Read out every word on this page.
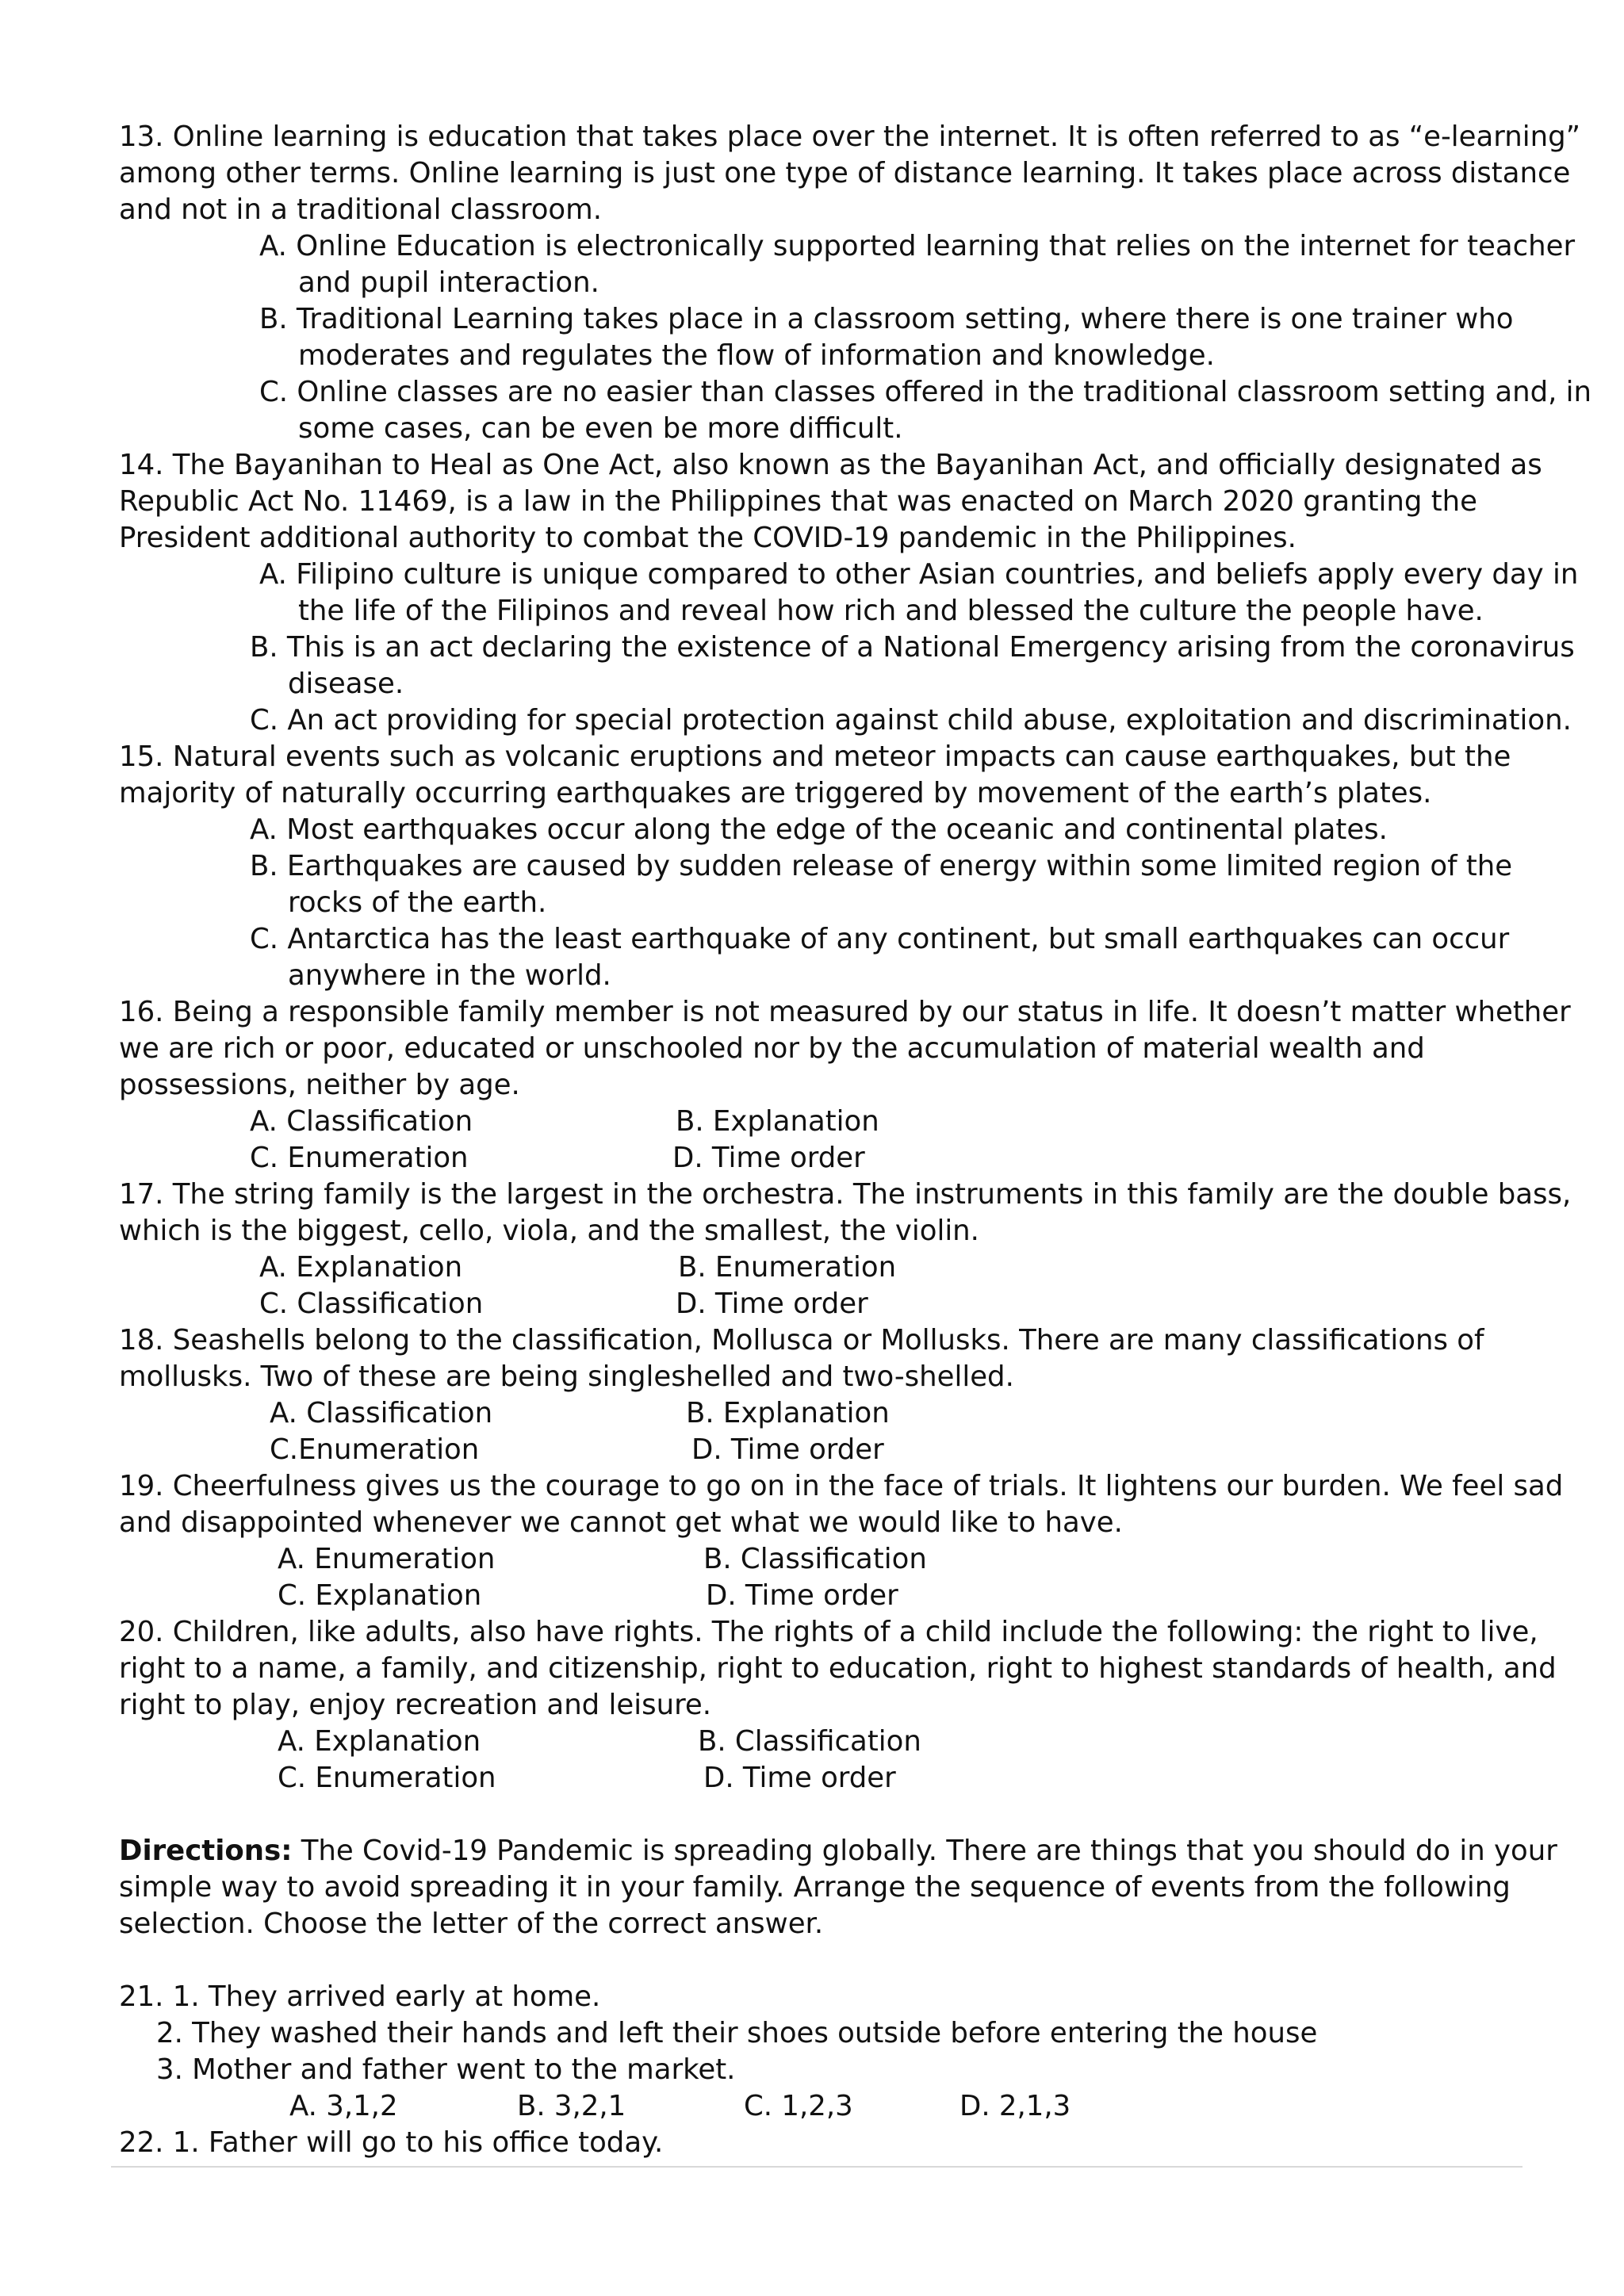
13. Online learning is education that takes place over the internet. It is often referred to as “e-learning”
among other terms. Online learning is just one type of distance learning. It takes place across distance
and not in a traditional classroom.
A. Online Education is electronically supported learning that relies on the internet for teacher
and pupil interaction.
B. Traditional Learning takes place in a classroom setting, where there is one trainer who
moderates and regulates the flow of information and knowledge.
C. Online classes are no easier than classes offered in the traditional classroom setting and, in
some cases, can be even be more difficult.
14. The Bayanihan to Heal as One Act, also known as the Bayanihan Act, and officially designated as
Republic Act No. 11469, is a law in the Philippines that was enacted on March 2020 granting the
President additional authority to combat the COVID-19 pandemic in the Philippines.
A. Filipino culture is unique compared to other Asian countries, and beliefs apply every day in
the life of the Filipinos and reveal how rich and blessed the culture the people have.
B. This is an act declaring the existence of a National Emergency arising from the coronavirus
disease.
C. An act providing for special protection against child abuse, exploitation and discrimination.
15. Natural events such as volcanic eruptions and meteor impacts can cause earthquakes, but the
majority of naturally occurring earthquakes are triggered by movement of the earth’s plates.
A. Most earthquakes occur along the edge of the oceanic and continental plates.
B. Earthquakes are caused by sudden release of energy within some limited region of the
rocks of the earth.
C. Antarctica has the least earthquake of any continent, but small earthquakes can occur
anywhere in the world.
16. Being a responsible family member is not measured by our status in life. It doesn’t matter whether
we are rich or poor, educated or unschooled nor by the accumulation of material wealth and
possessions, neither by age.
A. Classification	B. Explanation
C. Enumeration	D. Time order
17. The string family is the largest in the orchestra. The instruments in this family are the double bass,
which is the biggest, cello, viola, and the smallest, the violin.
A. Explanation	B. Enumeration
C. Classification	D. Time order
18. Seashells belong to the classification, Mollusca or Mollusks. There are many classifications of
mollusks. Two of these are being singleshelled and two-shelled.
A. Classification	B. Explanation
C.Enumeration	D. Time order
19. Cheerfulness gives us the courage to go on in the face of trials. It lightens our burden. We feel sad
and disappointed whenever we cannot get what we would like to have.
A. Enumeration	B. Classification
C. Explanation	D. Time order
20. Children, like adults, also have rights. The rights of a child include the following: the right to live,
right to a name, a family, and citizenship, right to education, right to highest standards of health, and
right to play, enjoy recreation and leisure.
A. Explanation	B. Classification
C. Enumeration	D. Time order
Directions: The Covid-19 Pandemic is spreading globally. There are things that you should do in your
simple way to avoid spreading it in your family. Arrange the sequence of events from the following
selection. Choose the letter of the correct answer.
21. 1. They arrived early at home.
2. They washed their hands and left their shoes outside before entering the house
3. Mother and father went to the market.
A. 3,1,2	B. 3,2,1	C. 1,2,3	D. 2,1,3
22. 1. Father will go to his office today.
